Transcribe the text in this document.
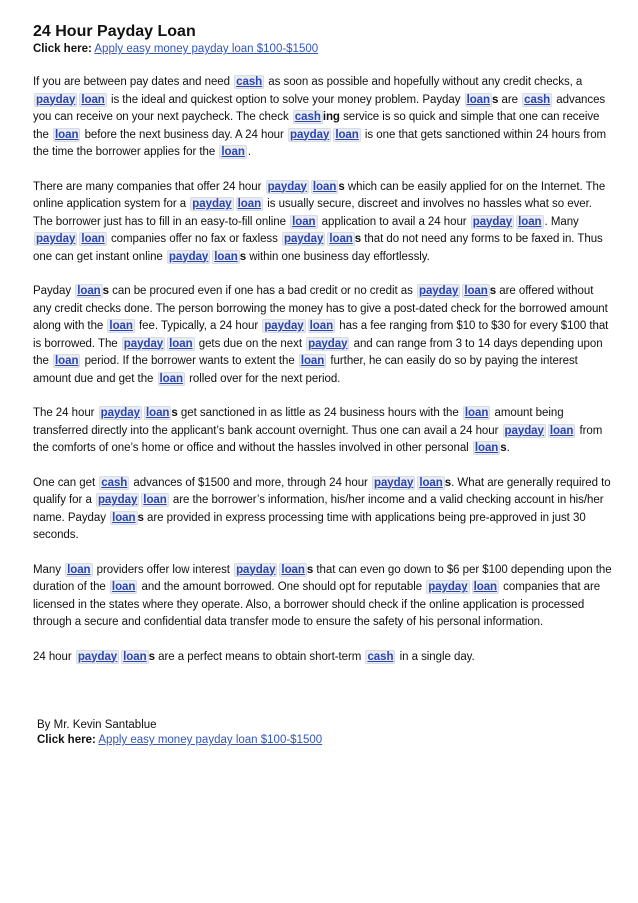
24 Hour Payday Loan

Click here: Apply easy money payday loan $100-$1500

If you are between pay dates and need cash as soon as possible and hopefully without any credit checks, a payday loan is the ideal and quickest option to solve your money problem. Payday loan s are cash advances you can receive on your next paycheck. The check cash ing service is so quick and simple that one can receive the loan before the next business day. A 24 hour payday loan is one that gets sanctioned within 24 hours from the time the borrower applies for the loan .

There are many companies that offer 24 hour payday loan s which can be easily applied for on the Internet. The online application system for a payday loan is usually secure, discreet and involves no hassles what so ever. The borrower just has to fill in an easy-to-fill online loan application to avail a 24 hour payday loan . Many payday loan companies offer no fax or faxless payday loan s that do not need any forms to be faxed in. Thus one can get instant online payday loan s within one business day effortlessly.

Payday loan s can be procured even if one has a bad credit or no credit as payday loan s are offered without any credit checks done. The person borrowing the money has to give a post-dated check for the borrowed amount along with the loan fee. Typically, a 24 hour payday loan has a fee ranging from $10 to $30 for every $100 that is borrowed. The payday loan gets due on the next payday and can range from 3 to 14 days depending upon the loan period. If the borrower wants to extent the loan further, he can easily do so by paying the interest amount due and get the loan rolled over for the next period.

The 24 hour payday loan s get sanctioned in as little as 24 business hours with the loan amount being transferred directly into the applicant’s bank account overnight. Thus one can avail a 24 hour payday loan from the comforts of one’s home or office and without the hassles involved in other personal loan s.

One can get cash advances of $1500 and more, through 24 hour payday loan s. What are generally required to qualify for a payday loan are the borrower’s information, his/her income and a valid checking account in his/her name. Payday loan s are provided in express processing time with applications being pre-approved in just 30 seconds.

Many loan providers offer low interest payday loan s that can even go down to $6 per $100 depending upon the duration of the loan and the amount borrowed. One should opt for reputable payday loan companies that are licensed in the states where they operate. Also, a borrower should check if the online application is processed through a secure and confidential data transfer mode to ensure the safety of his personal information.

24 hour payday loan s are a perfect means to obtain short-term cash in a single day.

By Mr. Kevin Santablue

Click here: Apply easy money payday loan $100-$1500
